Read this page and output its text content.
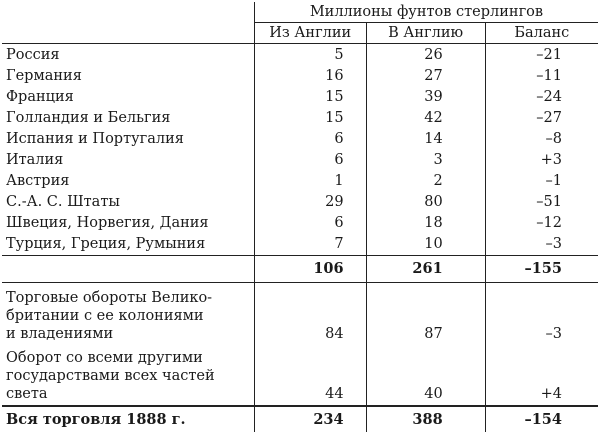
	Миллионы фунтов стерлингов		
	Из Англии	В Англию	Баланс
Россия	5	26	–21
Германия	16	27	–11
Франция	15	39	–24
Голландия и Бельгия	15	42	–27
Испания и Португалия	6	14	–8
Италия	6	3	+3
Австрия	1	2	–1
С.-А. С. Штаты	29	80	–51
Швеция, Норвегия, Дания	6	18	–12
Турция, Греция, Румыния	7	10	–3
	106	261	–155

Торговые обороты Велико-
британии с ее колониями
и владениями	84	87	–3

Оборот со всеми другими
государствами всех частей
света	44	40	+4
Вся торговля 1888 г.	234	388	–154
